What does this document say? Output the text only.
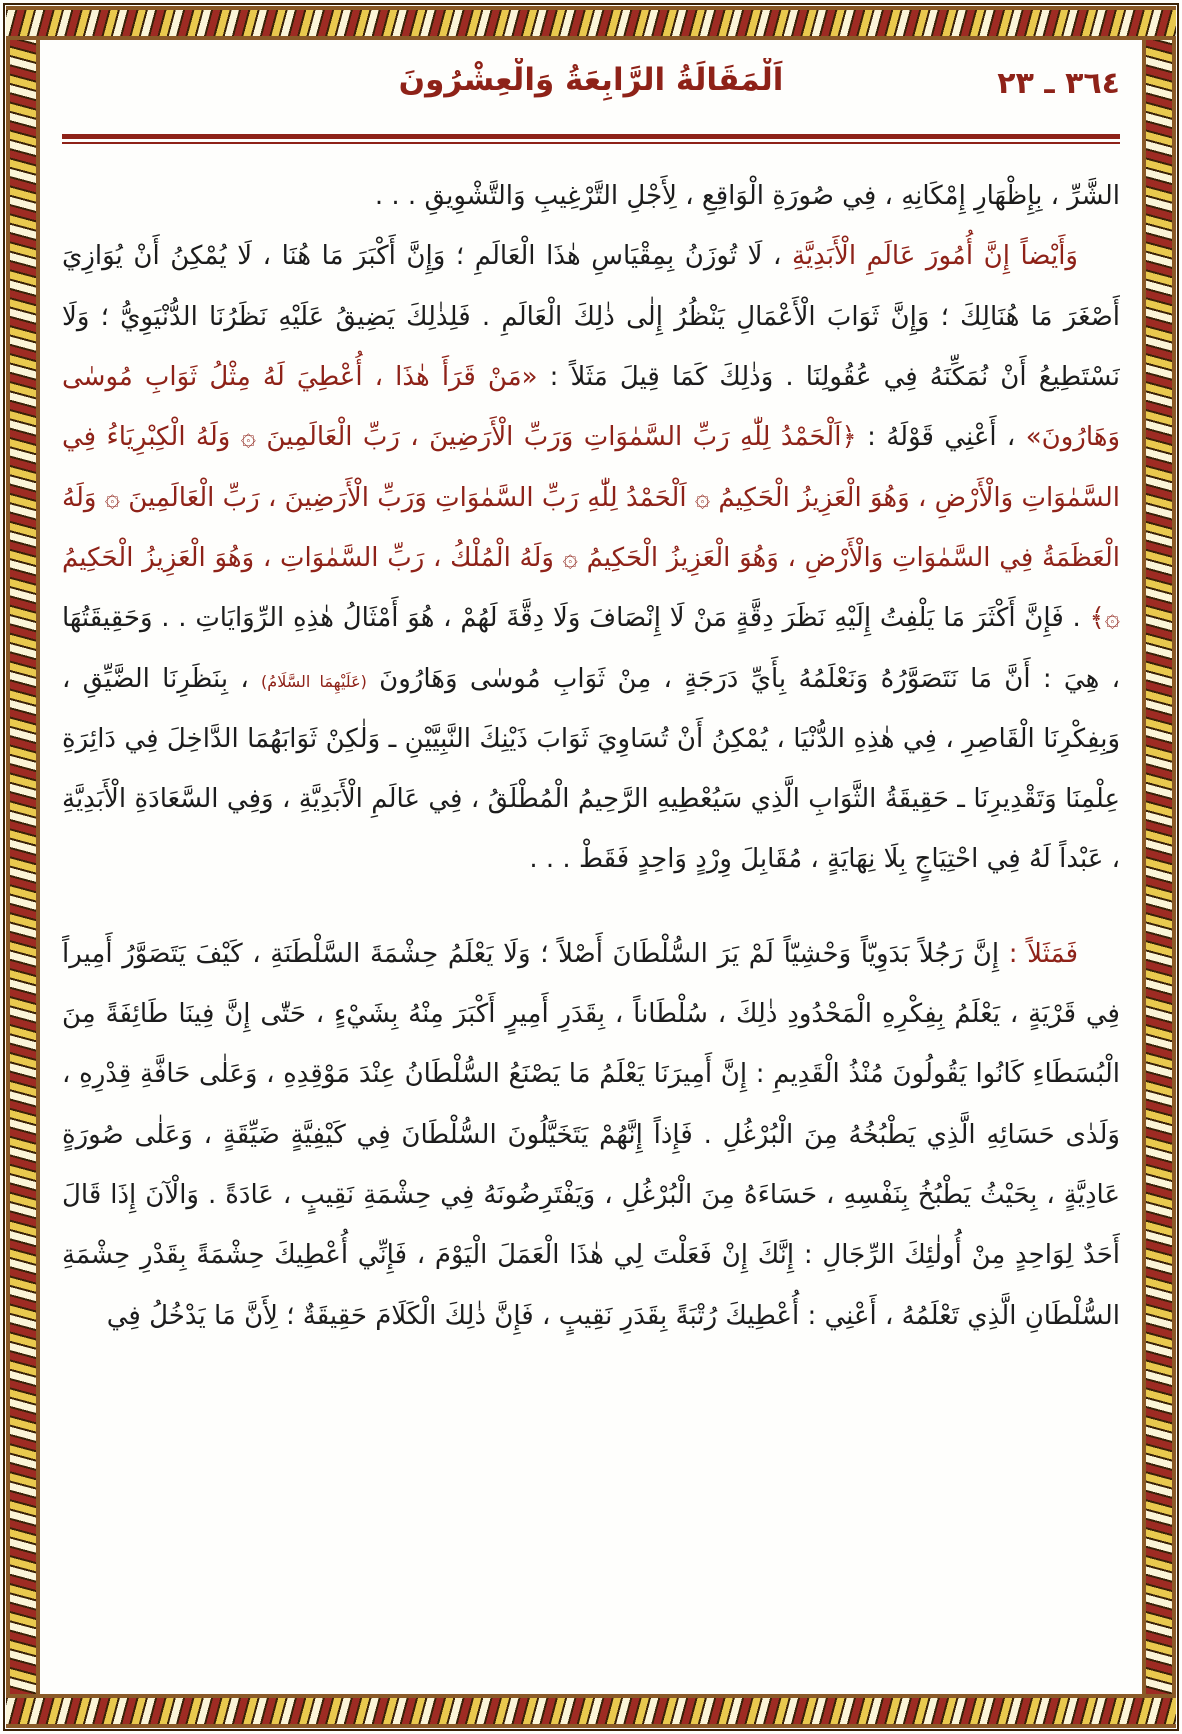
٣٦٤ ـ ٢٣
اَلْمَقَالَةُ الرَّابِعَةُ وَالْعِشْرُونَ

الشَّرِّ ، بِإِظْهَارِ إِمْكَانِهِ ، فِي صُورَةِ الْوَاقِعِ ، لِأَجْلِ التَّرْغِيبِ وَالتَّشْوِيقِ . . .

وَأَيْضاً إِنَّ أُمُورَ عَالَمِ الْأَبَدِيَّةِ ، لَا تُوزَنُ بِمِقْيَاسِ هٰذَا الْعَالَمِ ؛ وَإِنَّ أَكْبَرَ مَا هُنَا ، لَا يُمْكِنُ أَنْ يُوَازِيَ أَصْغَرَ مَا هُنَالِكَ ؛ وَإِنَّ ثَوَابَ الْأَعْمَالِ يَنْظُرُ إِلٰى ذٰلِكَ الْعَالَمِ . فَلِذٰلِكَ يَضِيقُ عَلَيْهِ نَظَرُنَا الدُّنْيَوِيُّ ؛ وَلَا نَسْتَطِيعُ أَنْ نُمَكِّنَهُ فِي عُقُولِنَا . وَذٰلِكَ كَمَا قِيلَ مَثَلاً : «مَنْ قَرَأَ هٰذَا ، أُعْطِيَ لَهُ مِثْلُ ثَوَابِ مُوسٰى وَهَارُونَ» ، أَعْنِي قَوْلَهُ : ﴿اَلْحَمْدُ لِلّٰهِ رَبِّ السَّمٰوَاتِ وَرَبِّ الْأَرَضِينَ ، رَبِّ الْعَالَمِينَ ۞ وَلَهُ الْكِبْرِيَاءُ فِي السَّمٰوَاتِ وَالْأَرْضِ ، وَهُوَ الْعَزِيزُ الْحَكِيمُ ۞ اَلْحَمْدُ لِلّٰهِ رَبِّ السَّمٰوَاتِ وَرَبِّ الْأَرَضِينَ ، رَبِّ الْعَالَمِينَ ۞ وَلَهُ الْعَظَمَةُ فِي السَّمٰوَاتِ وَالْأَرْضِ ، وَهُوَ الْعَزِيزُ الْحَكِيمُ ۞ وَلَهُ الْمُلْكُ ، رَبِّ السَّمٰوَاتِ ، وَهُوَ الْعَزِيزُ الْحَكِيمُ ۞﴾ . فَإِنَّ أَكْثَرَ مَا يَلْفِتُ إِلَيْهِ نَظَرَ دِقَّةٍ مَنْ لَا إِنْصَافَ وَلَا دِقَّةَ لَهُمْ ، هُوَ أَمْثَالُ هٰذِهِ الرِّوَايَاتِ . . وَحَقِيقَتُهَا ، هِيَ : أَنَّ مَا نَتَصَوَّرُهُ وَنَعْلَمُهُ بِأَيِّ دَرَجَةٍ ، مِنْ ثَوَابِ مُوسٰى وَهَارُونَ (عَلَيْهِمَا السَّلَامُ) ، بِنَظَرِنَا الضَّيِّقِ ، وَبِفِكْرِنَا الْقَاصِرِ ، فِي هٰذِهِ الدُّنْيَا ، يُمْكِنُ أَنْ تُسَاوِيَ ثَوَابَ ذَيْنِكَ النَّبِيَّيْنِ ـ وَلٰكِنْ ثَوَابَهُمَا الدَّاخِلَ فِي دَائِرَةِ عِلْمِنَا وَتَقْدِيرِنَا ـ حَقِيقَةُ الثَّوَابِ الَّذِي سَيُعْطِيهِ الرَّحِيمُ الْمُطْلَقُ ، فِي عَالَمِ الْأَبَدِيَّةِ ، وَفِي السَّعَادَةِ الْأَبَدِيَّةِ ، عَبْداً لَهُ فِي احْتِيَاجٍ بِلَا نِهَايَةٍ ، مُقَابِلَ وِرْدٍ وَاحِدٍ فَقَطْ . . .

فَمَثَلاً : إِنَّ رَجُلاً بَدَوِيّاً وَحْشِيّاً لَمْ يَرَ السُّلْطَانَ أَصْلاً ؛ وَلَا يَعْلَمُ حِشْمَةَ السَّلْطَنَةِ ، كَيْفَ يَتَصَوَّرُ أَمِيراً فِي قَرْيَةٍ ، يَعْلَمُ بِفِكْرِهِ الْمَحْدُودِ ذٰلِكَ ، سُلْطَاناً ، بِقَدَرِ أَمِيرٍ أَكْبَرَ مِنْهُ بِشَيْءٍ ، حَتّٰى إِنَّ فِينَا طَائِفَةً مِنَ الْبُسَطَاءِ كَانُوا يَقُولُونَ مُنْذُ الْقَدِيمِ : إِنَّ أَمِيرَنَا يَعْلَمُ مَا يَصْنَعُ السُّلْطَانُ عِنْدَ مَوْقِدِهِ ، وَعَلٰى حَافَّةِ قِدْرِهِ ، وَلَدٰى حَسَائِهِ الَّذِي يَطْبُخُهُ مِنَ الْبُرْغُلِ . فَإِذاً إِنَّهُمْ يَتَخَيَّلُونَ السُّلْطَانَ فِي كَيْفِيَّةٍ ضَيِّقَةٍ ، وَعَلٰى صُورَةٍ عَادِيَّةٍ ، بِحَيْثُ يَطْبُخُ بِنَفْسِهِ ، حَسَاءَهُ مِنَ الْبُرْغُلِ ، وَيَفْتَرِضُونَهُ فِي حِشْمَةِ نَقِيبٍ ، عَادَةً . وَالْآنَ إِذَا قَالَ أَحَدٌ لِوَاحِدٍ مِنْ أُولٰئِكَ الرِّجَالِ : إِنَّكَ إِنْ فَعَلْتَ لِي هٰذَا الْعَمَلَ الْيَوْمَ ، فَإِنِّي أُعْطِيكَ حِشْمَةً بِقَدْرِ حِشْمَةِ السُّلْطَانِ الَّذِي تَعْلَمُهُ ، أَعْنِي : أُعْطِيكَ رُتْبَةً بِقَدَرِ نَقِيبٍ ، فَإِنَّ ذٰلِكَ الْكَلَامَ حَقِيقَةٌ ؛ لِأَنَّ مَا يَدْخُلُ فِي
